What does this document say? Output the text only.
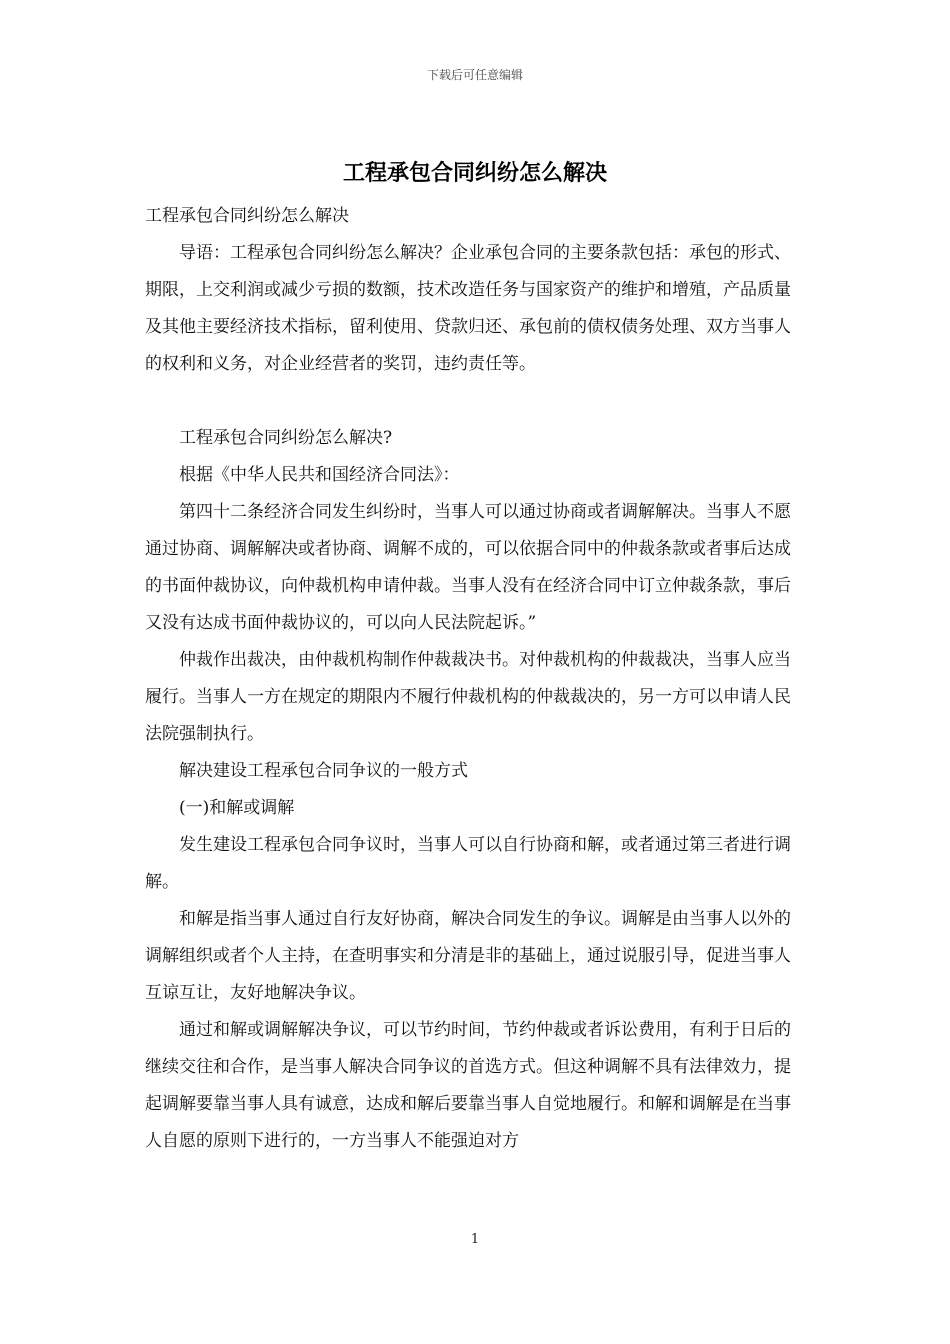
下载后可任意编辑
工程承包合同纠纷怎么解决

工程承包合同纠纷怎么解决

导语：工程承包合同纠纷怎么解决？企业承包合同的主要条款包括：承包的形式、期限，上交利润或减少亏损的数额，技术改造任务与国家资产的维护和增殖，产品质量及其他主要经济技术指标，留利使用、贷款归还、承包前的债权债务处理、双方当事人的权利和义务，对企业经营者的奖罚，违约责任等。

工程承包合同纠纷怎么解决?

根据《中华人民共和国经济合同法》：

第四十二条经济合同发生纠纷时，当事人可以通过协商或者调解解决。当事人不愿通过协商、调解解决或者协商、调解不成的，可以依据合同中的仲裁条款或者事后达成的书面仲裁协议，向仲裁机构申请仲裁。当事人没有在经济合同中订立仲裁条款，事后又没有达成书面仲裁协议的，可以向人民法院起诉。”

仲裁作出裁决，由仲裁机构制作仲裁裁决书。对仲裁机构的仲裁裁决，当事人应当履行。当事人一方在规定的期限内不履行仲裁机构的仲裁裁决的，另一方可以申请人民法院强制执行。

解决建设工程承包合同争议的一般方式

(一)和解或调解

发生建设工程承包合同争议时，当事人可以自行协商和解，或者通过第三者进行调解。

和解是指当事人通过自行友好协商，解决合同发生的争议。调解是由当事人以外的调解组织或者个人主持，在查明事实和分清是非的基础上，通过说服引导，促进当事人互谅互让，友好地解决争议。

通过和解或调解解决争议，可以节约时间，节约仲裁或者诉讼费用，有利于日后的继续交往和合作，是当事人解决合同争议的首选方式。但这种调解不具有法律效力，提起调解要靠当事人具有诚意，达成和解后要靠当事人自觉地履行。和解和调解是在当事人自愿的原则下进行的，一方当事人不能强迫对方

1
